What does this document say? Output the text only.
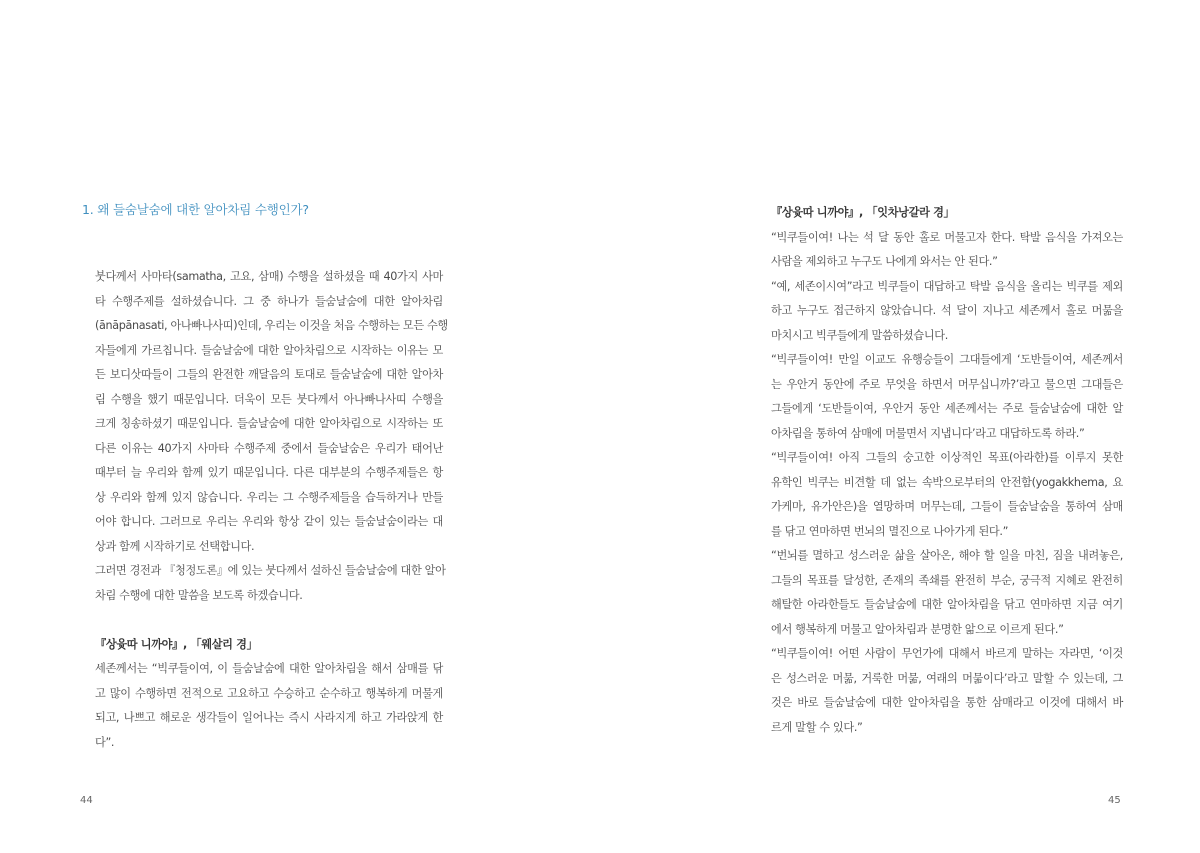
1. 왜 들숨날숨에 대한 알아차림 수행인가?
붓다께서 사마타(samatha, 고요, 삼매) 수행을 설하셨을 때 40가지 사마
타 수행주제를 설하셨습니다. 그 중 하나가 들숨날숨에 대한 알아차림
(ānāpānasati, 아나빠나사띠)인데, 우리는 이것을 처음 수행하는 모든 수행
자들에게 가르칩니다. 들숨날숨에 대한 알아차림으로 시작하는 이유는 모
든 보디삿따들이 그들의 완전한 깨달음의 토대로 들숨날숨에 대한 알아차
림 수행을 했기 때문입니다. 더욱이 모든 붓다께서 아나빠나사띠 수행을
크게 칭송하셨기 때문입니다. 들숨날숨에 대한 알아차림으로 시작하는 또
다른 이유는 40가지 사마타 수행주제 중에서 들숨날숨은 우리가 태어난
때부터 늘 우리와 함께 있기 때문입니다. 다른 대부분의 수행주제들은 항
상 우리와 함께 있지 않습니다. 우리는 그 수행주제들을 습득하거나 만들
어야 합니다. 그러므로 우리는 우리와 항상 같이 있는 들숨날숨이라는 대
상과 함께 시작하기로 선택합니다.
그러면 경전과 『청정도론』에 있는 붓다께서 설하신 들숨날숨에 대한 알아
차림 수행에 대한 말씀을 보도록 하겠습니다.
『상윳따 니까야』, 「웨살리 경」
세존께서는 “빅쿠들이여, 이 들숨날숨에 대한 알아차림을 해서 삼매를 닦
고 많이 수행하면 전적으로 고요하고 수승하고 순수하고 행복하게 머물게
되고, 나쁘고 해로운 생각들이 일어나는 즉시 사라지게 하고 가라앉게 한
다”.
44
『상윳따 니까야』, 「잇차낭갈라 경」
“빅쿠들이여! 나는 석 달 동안 홀로 머물고자 한다. 탁발 음식을 가져오는
사람을 제외하고 누구도 나에게 와서는 안 된다.”
“예, 세존이시여”라고 빅쿠들이 대답하고 탁발 음식을 올리는 빅쿠를 제외
하고 누구도 접근하지 않았습니다. 석 달이 지나고 세존께서 홀로 머묾을
마치시고 빅쿠들에게 말씀하셨습니다.
“빅쿠들이여! 만일 이교도 유행승들이 그대들에게 ‘도반들이여, 세존께서
는 우안거 동안에 주로 무엇을 하면서 머무십니까?’라고 물으면 그대들은
그들에게 ‘도반들이여, 우안거 동안 세존께서는 주로 들숨날숨에 대한 알
아차림을 통하여 삼매에 머물면서 지냅니다’라고 대답하도록 하라.”
“빅쿠들이여! 아직 그들의 숭고한 이상적인 목표(아라한)를 이루지 못한
유학인 빅쿠는 비견할 데 없는 속박으로부터의 안전함(yogakkhema, 요
가케마, 유가안은)을 열망하며 머무는데, 그들이 들숨날숨을 통하여 삼매
를 닦고 연마하면 번뇌의 멸진으로 나아가게 된다.”
“번뇌를 멸하고 성스러운 삶을 살아온, 해야 할 일을 마친, 짐을 내려놓은,
그들의 목표를 달성한, 존재의 족쇄를 완전히 부순, 궁극적 지혜로 완전히
해탈한 아라한들도 들숨날숨에 대한 알아차림을 닦고 연마하면 지금 여기
에서 행복하게 머물고 알아차림과 분명한 앎으로 이르게 된다.”
“빅쿠들이여! 어떤 사람이 무언가에 대해서 바르게 말하는 자라면, ‘이것
은 성스러운 머묾, 거룩한 머묾, 여래의 머묾이다’라고 말할 수 있는데, 그
것은 바로 들숨날숨에 대한 알아차림을 통한 삼매라고 이것에 대해서 바
르게 말할 수 있다.”
45
